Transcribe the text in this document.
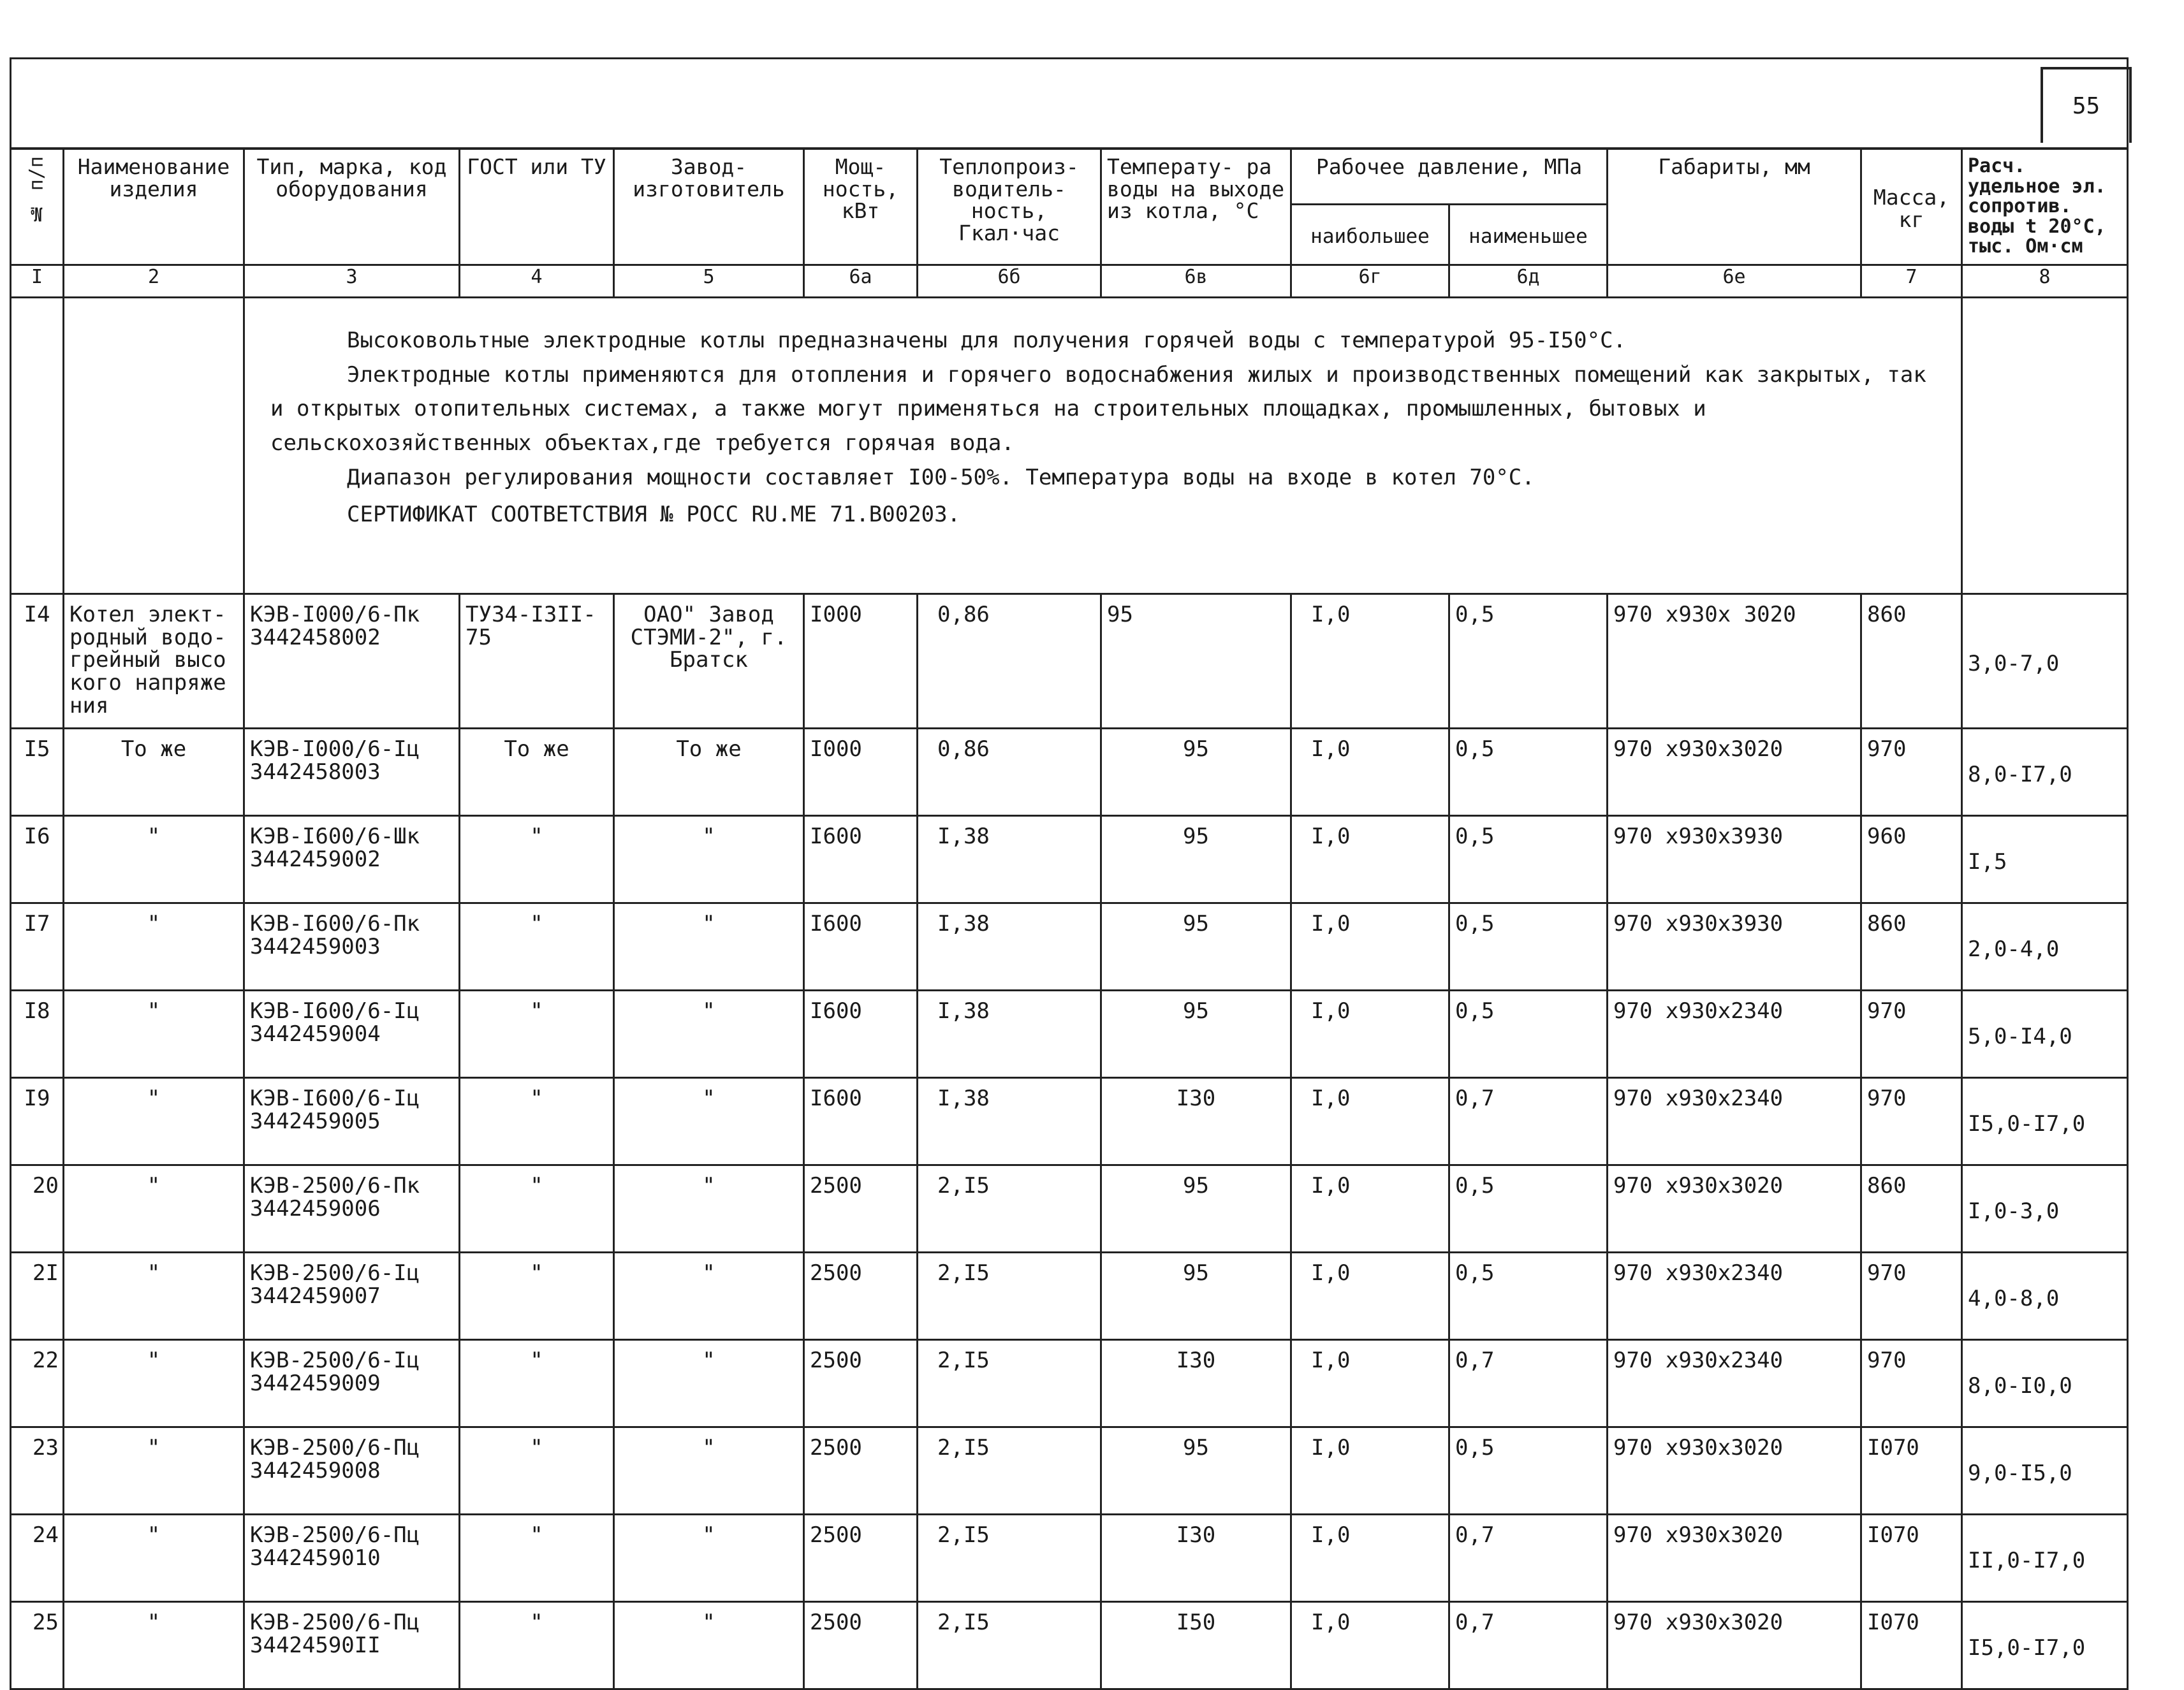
55

№ п/п	Наименование изделия	Тип, марка, код оборудования	ГОСТ или ТУ	Завод- изготовитель	Мощ- ность, кВт	Теплопроиз- водитель- ность, Гкал·час	Температу- ра воды на выходе из котла, °С	Рабочее давление, МПа		Габариты, мм	Масса, кг	Расч. удельное эл. сопротив. воды t 20°С, тыс. Ом·см
								наибольшее	наименьшее			
I	2	3	4	5	6а	6б	6в	6г	6д	6е	7	8

		Высоковольтные электродные котлы предназначены для получения горячей воды с температурой 95-I50°С.

Электродные котлы применяются для отопления и горячего водоснабжения жилых и производственных помещений как закрытых, так и открытых отопительных системах, а также могут применяться на строительных площадках, промышленных, бытовых и сельскохозяйственных объектах,где требуется горячая вода.

Диапазон регулирования мощности составляет I00-50%. Температура воды на входе в котел 70°С.

СЕРТИФИКАТ СООТВЕТСТВИЯ № РОСС RU.МЕ 71.В00203.										

I4	Котел элект- родный водо- грейный высо кого напряже ния	КЭВ-I000/6-Пк 3442458002	ТУ34-I3II-75	ОАО" Завод СТЭМИ-2", г. Братск	I000	0,86	95	I,0	0,5	970 х930х 3020	860	3,0-7,0
I5	То же	КЭВ-I000/6-Iц 3442458003	То же	То же	I000	0,86	95	I,0	0,5	970 х930х3020	970	8,0-I7,0
I6	"	КЭВ-I600/6-Шк 3442459002	"	"	I600	I,38	95	I,0	0,5	970 х930х3930	960	I,5
I7	"	КЭВ-I600/6-Пк 3442459003	"	"	I600	I,38	95	I,0	0,5	970 х930х3930	860	2,0-4,0
I8	"	КЭВ-I600/6-Iц 3442459004	"	"	I600	I,38	95	I,0	0,5	970 х930х2340	970	5,0-I4,0
I9	"	КЭВ-I600/6-Iц 3442459005	"	"	I600	I,38	I30	I,0	0,7	970 х930х2340	970	I5,0-I7,0
20	"	КЭВ-2500/6-Пк 3442459006	"	"	2500	2,I5	95	I,0	0,5	970 х930х3020	860	I,0-3,0
2I	"	КЭВ-2500/6-Iц 3442459007	"	"	2500	2,I5	95	I,0	0,5	970 х930х2340	970	4,0-8,0
22	"	КЭВ-2500/6-Iц 3442459009	"	"	2500	2,I5	I30	I,0	0,7	970 х930х2340	970	8,0-I0,0
23	"	КЭВ-2500/6-Пц 3442459008	"	"	2500	2,I5	95	I,0	0,5	970 х930х3020	I070	9,0-I5,0
24	"	КЭВ-2500/6-Пц 3442459010	"	"	2500	2,I5	I30	I,0	0,7	970 х930х3020	I070	II,0-I7,0
25	"	КЭВ-2500/6-Пц 34424590II	"	"	2500	2,I5	I50	I,0	0,7	970 х930х3020	I070	I5,0-I7,0
